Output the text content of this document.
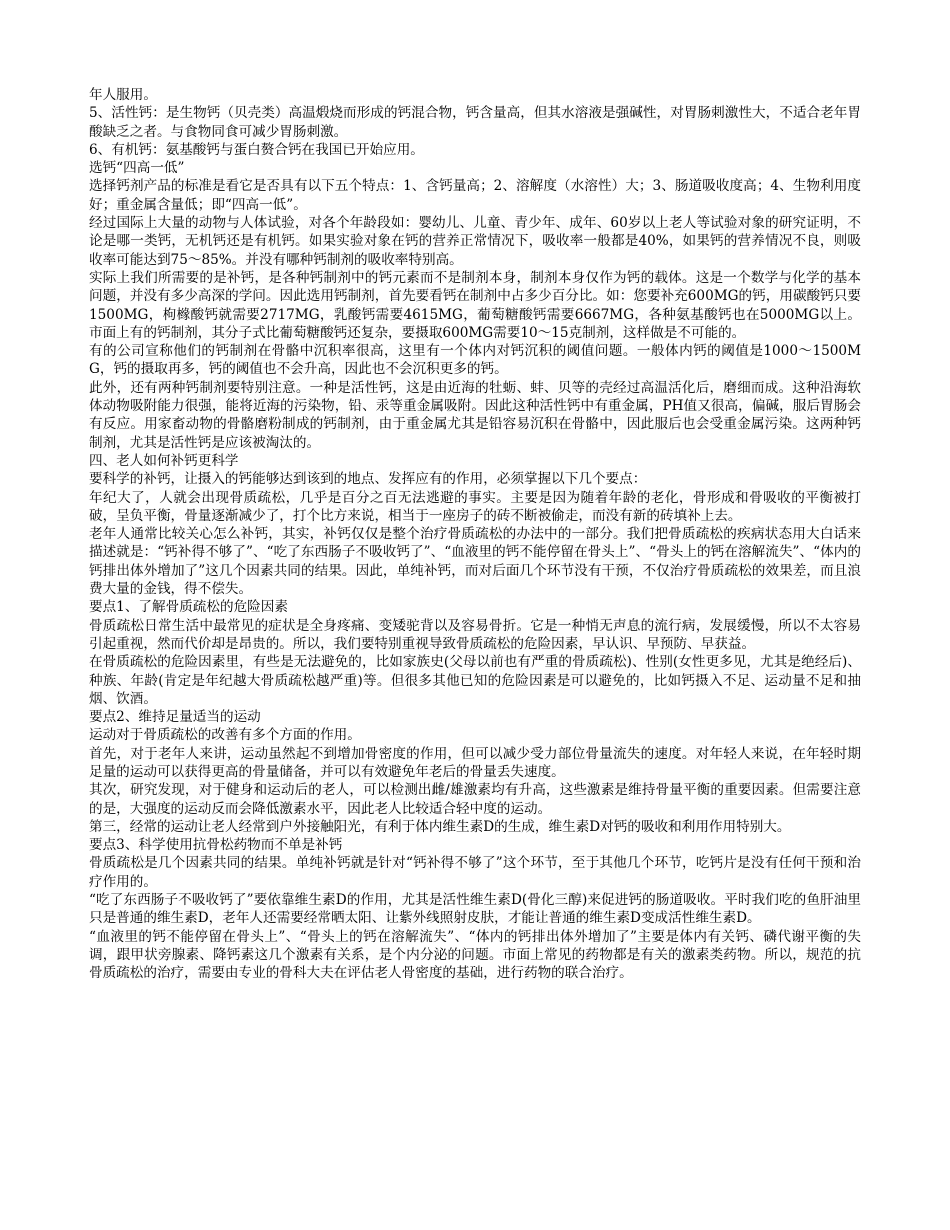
年人服用。

5、活性钙：是生物钙（贝壳类）高温煅烧而形成的钙混合物，钙含量高，但其水溶液是强碱性，对胃肠刺激性大，不适合老年胃酸缺乏之者。与食物同食可减少胃肠刺激。

6、有机钙：氨基酸钙与蛋白赘合钙在我国已开始应用。

选钙“四高一低”

选择钙剂产品的标准是看它是否具有以下五个特点：1、含钙量高；2、溶解度（水溶性）大；3、肠道吸收度高；4、生物利用度好；重金属含量低；即“四高一低”。

经过国际上大量的动物与人体试验，对各个年龄段如：婴幼儿、儿童、青少年、成年、60岁以上老人等试验对象的研究证明，不论是哪一类钙，无机钙还是有机钙。如果实验对象在钙的营养正常情况下，吸收率一般都是40%，如果钙的营养情况不良，则吸收率可能达到75～85%。并没有哪种钙制剂的吸收率特别高。

实际上我们所需要的是补钙，是各种钙制剂中的钙元素而不是制剂本身，制剂本身仅作为钙的载体。这是一个数学与化学的基本问题，并没有多少高深的学问。因此选用钙制剂，首先要看钙在制剂中占多少百分比。如：您要补充600MG的钙，用碳酸钙只要1500MG，枸橼酸钙就需要2717MG，乳酸钙需要4615MG，葡萄糖酸钙需要6667MG，各种氨基酸钙也在5000MG以上。市面上有的钙制剂，其分子式比葡萄糖酸钙还复杂，要摄取600MG需要10～15克制剂，这样做是不可能的。

有的公司宣称他们的钙制剂在骨骼中沉积率很高，这里有一个体内对钙沉积的阈值问题。一般体内钙的阈值是1000～1500MG，钙的摄取再多，钙的阈值也不会升高，因此也不会沉积更多的钙。

此外，还有两种钙制剂要特别注意。一种是活性钙，这是由近海的牡蛎、蚌、贝等的壳经过高温活化后，磨细而成。这种沿海软体动物吸附能力很强，能将近海的污染物，铅、汞等重金属吸附。因此这种活性钙中有重金属，PH值又很高，偏碱，服后胃肠会有反应。用家畜动物的骨骼磨粉制成的钙制剂，由于重金属尤其是铅容易沉积在骨骼中，因此服后也会受重金属污染。这两种钙制剂，尤其是活性钙是应该被淘汰的。

四、老人如何补钙更科学

要科学的补钙，让摄入的钙能够达到该到的地点、发挥应有的作用，必须掌握以下几个要点：

年纪大了，人就会出现骨质疏松，几乎是百分之百无法逃避的事实。主要是因为随着年龄的老化，骨形成和骨吸收的平衡被打破，呈负平衡，骨量逐渐减少了，打个比方来说，相当于一座房子的砖不断被偷走，而没有新的砖填补上去。

老年人通常比较关心怎么补钙，其实，补钙仅仅是整个治疗骨质疏松的办法中的一部分。我们把骨质疏松的疾病状态用大白话来描述就是：“钙补得不够了”、“吃了东西肠子不吸收钙了”、“血液里的钙不能停留在骨头上”、“骨头上的钙在溶解流失”、“体内的钙排出体外增加了”这几个因素共同的结果。因此，单纯补钙，而对后面几个环节没有干预，不仅治疗骨质疏松的效果差，而且浪费大量的金钱，得不偿失。

要点1、了解骨质疏松的危险因素

骨质疏松日常生活中最常见的症状是全身疼痛、变矮驼背以及容易骨折。它是一种悄无声息的流行病，发展缓慢，所以不太容易引起重视，然而代价却是昂贵的。所以，我们要特别重视导致骨质疏松的危险因素，早认识、早预防、早获益。

在骨质疏松的危险因素里，有些是无法避免的，比如家族史(父母以前也有严重的骨质疏松)、性别(女性更多见，尤其是绝经后)、种族、年龄(肯定是年纪越大骨质疏松越严重)等。但很多其他已知的危险因素是可以避免的，比如钙摄入不足、运动量不足和抽烟、饮酒。

要点2、维持足量适当的运动

运动对于骨质疏松的改善有多个方面的作用。

首先，对于老年人来讲，运动虽然起不到增加骨密度的作用，但可以减少受力部位骨量流失的速度。对年轻人来说，在年轻时期足量的运动可以获得更高的骨量储备，并可以有效避免年老后的骨量丢失速度。

其次，研究发现，对于健身和运动后的老人，可以检测出雌/雄激素均有升高，这些激素是维持骨量平衡的重要因素。但需要注意的是，大强度的运动反而会降低激素水平，因此老人比较适合轻中度的运动。

第三，经常的运动让老人经常到户外接触阳光，有利于体内维生素D的生成，维生素D对钙的吸收和利用作用特别大。

要点3、科学使用抗骨松药物而不单是补钙

骨质疏松是几个因素共同的结果。单纯补钙就是针对“钙补得不够了”这个环节，至于其他几个环节，吃钙片是没有任何干预和治疗作用的。

“吃了东西肠子不吸收钙了”要依靠维生素D的作用，尤其是活性维生素D(骨化三醇)来促进钙的肠道吸收。平时我们吃的鱼肝油里只是普通的维生素D，老年人还需要经常晒太阳、让紫外线照射皮肤，才能让普通的维生素D变成活性维生素D。

“血液里的钙不能停留在骨头上”、“骨头上的钙在溶解流失”、“体内的钙排出体外增加了”主要是体内有关钙、磷代谢平衡的失调，跟甲状旁腺素、降钙素这几个激素有关系，是个内分泌的问题。市面上常见的药物都是有关的激素类药物。所以，规范的抗骨质疏松的治疗，需要由专业的骨科大夫在评估老人骨密度的基础，进行药物的联合治疗。
